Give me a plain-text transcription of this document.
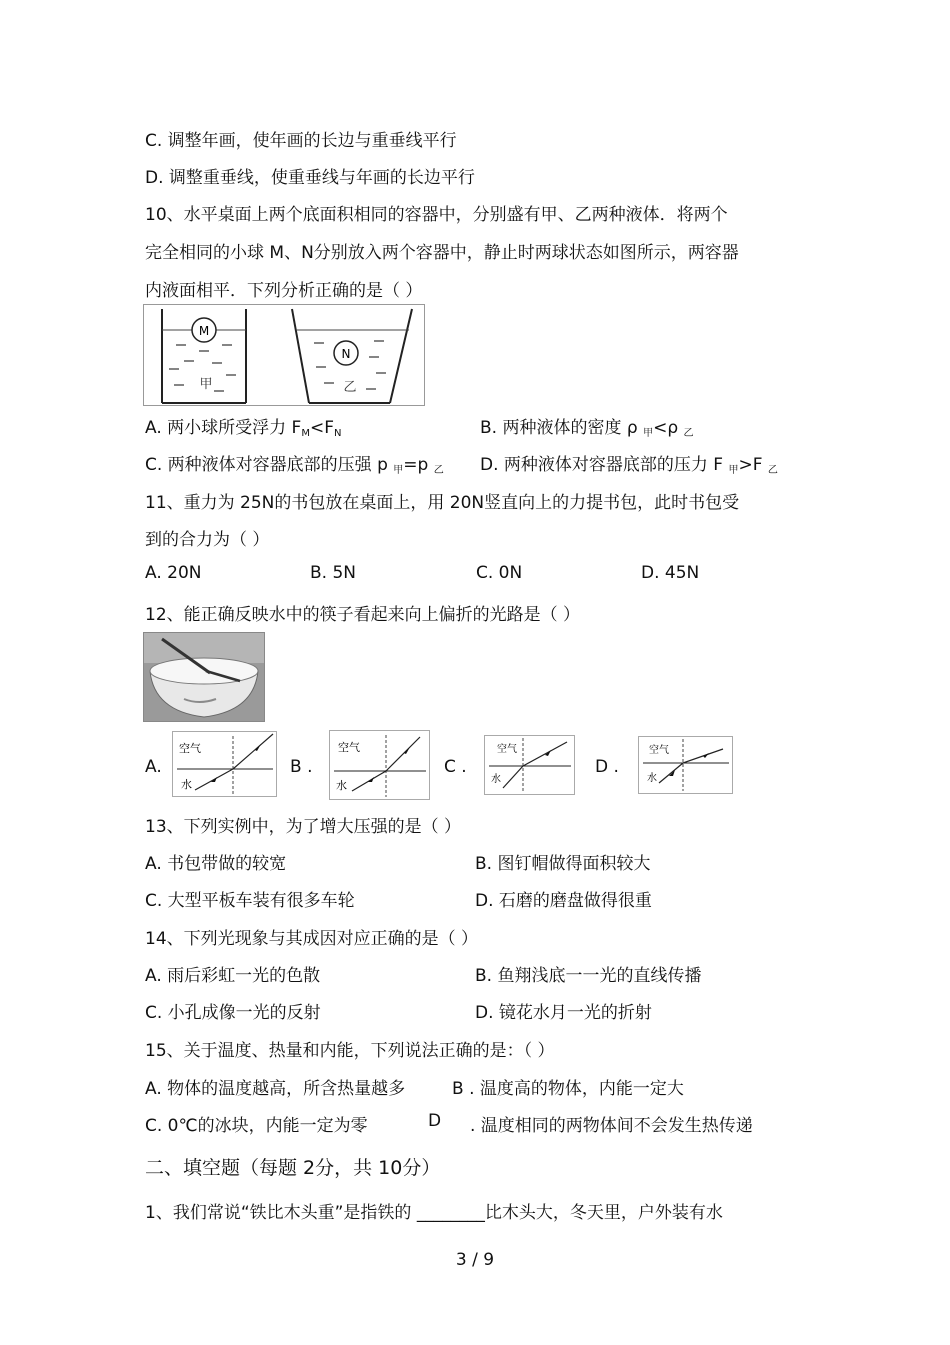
C. 调整年画，使年画的长边与重垂线平行
D. 调整重垂线，使重垂线与年画的长边平行
10、水平桌面上两个底面积相同的容器中，分别盛有甲、乙两种液体．将两个
完全相同的小球 M、N分别放入两个容器中，静止时两球状态如图所示，两容器
内液面相平．下列分析正确的是（ ）
M
甲
N
乙
A. 两小球所受浮力 $F_M<F_N$	B. 两种液体的密度 ρ $_甲$<ρ $_乙$
C. 两种液体对容器底部的压强 p $_甲$=p $_乙$ D. 两种液体对容器底部的压力 F $_甲$>F $_乙$
11、重力为 25N的书包放在桌面上，用 20N竖直向上的力提书包，此时书包受
到的合力为（ ）
A. 20N	B. 5N	C. 0N	D. 45N
12、能正确反映水中的筷子看起来向上偏折的光路是（ ）
A.
空气
水
B .
空气
水
C .
空气
水
D .
空气
水
13、下列实例中，为了增大压强的是（ ）
A. 书包带做的较宽	B. 图钉帽做得面积较大
C. 大型平板车装有很多车轮	D. 石磨的磨盘做得很重
14、下列光现象与其成因对应正确的是（ ）
A. 雨后彩虹一光的色散	B. 鱼翔浅底一一光的直线传播
C. 小孔成像一光的反射	D. 镜花水月一光的折射
15、关于温度、热量和内能，下列说法正确的是：（ ）
A. 物体的温度越高，所含热量越多	B . 温度高的物体，内能一定大
C. 0℃的冰块，内能一定为零	D . 温度相同的两物体间不会发生热传递
二、填空题（每题 2分，共 10分）
1、我们常说“铁比木头重”是指铁的 ________比木头大，冬天里，户外装有水
3 / 9
